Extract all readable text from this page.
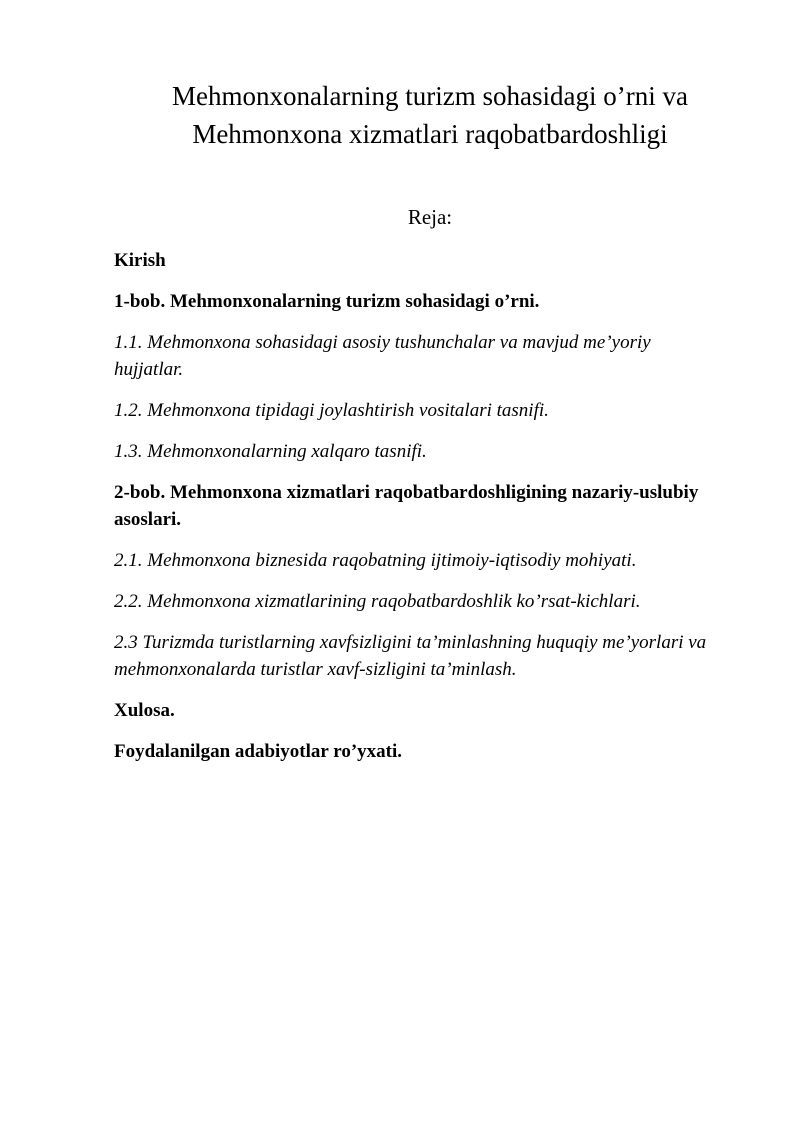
Mehmonxonalarning turizm sohasidagi o’rni va
Mehmonxona xizmatlari raqobatbardoshligi
Reja:

Kirish

1-bob. Mehmonxonalarning turizm sohasidagi o’rni.

1.1. Mehmonxona sohasidagi asosiy tushunchalar va mavjud me’yoriy hujjatlar.

1.2. Mehmonxona tipidagi joylashtirish vositalari tasnifi.

1.3. Mehmonxonalarning xalqaro tasnifi.

2-bob. Mehmonxona xizmatlari raqobatbardoshligining nazariy-uslubiy asoslari.

2.1. Mehmonxona biznesida raqobatning ijtimoiy-iqtisodiy mohiyati.

2.2. Mehmonxona xizmatlarining raqobatbardoshlik ko’rsat-kichlari.

2.3 Turizmda turistlarning xavfsizligini ta’minlashning huquqiy me’yorlari va mehmonxonalarda turistlar xavf-sizligini ta’minlash.

Xulosa.

Foydalanilgan adabiyotlar ro’yxati.
